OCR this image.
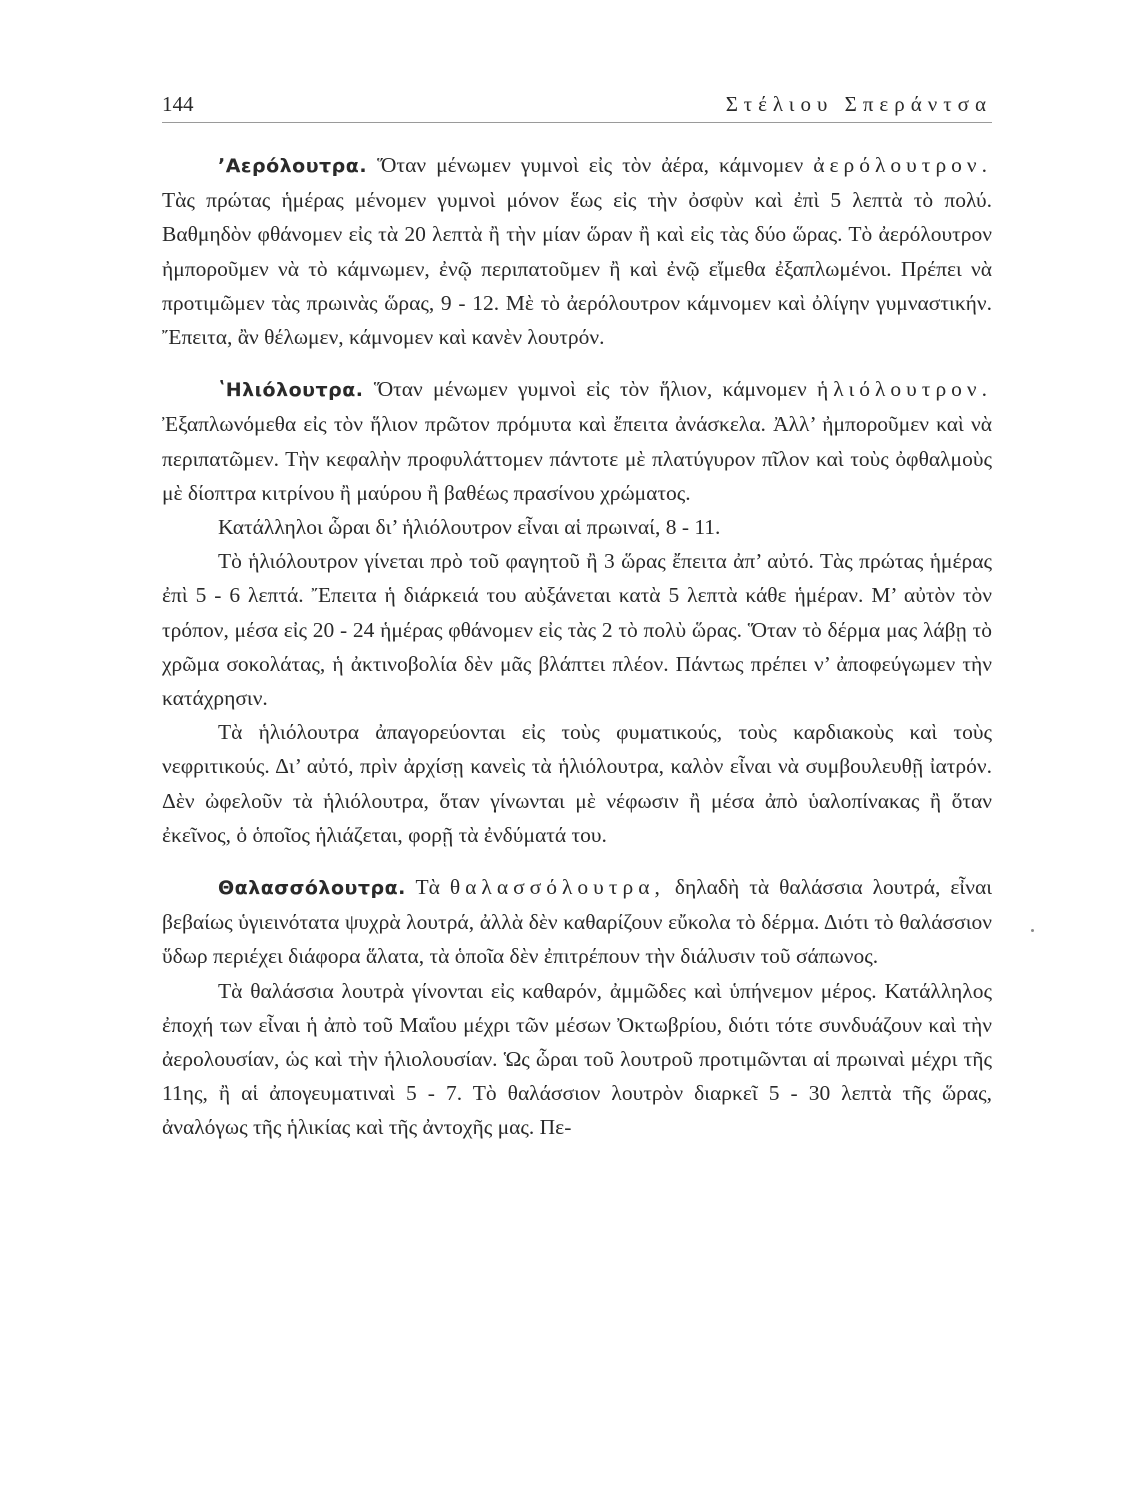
144	Στέλιου Σπεράντσα

ʼΑερόλουτρα. Ὅταν μένωμεν γυμνοὶ εἰς τὸν ἀέρα, κάμνομεν ἀερόλουτρον. Τὰς πρώτας ἡμέρας μένομεν γυμνοὶ μόνον ἕως εἰς τὴν ὀσφὺν καὶ ἐπὶ 5 λεπτὰ τὸ πολύ. Βαθμηδὸν φθάνομεν εἰς τὰ 20 λεπτὰ ἢ τὴν μίαν ὥραν ἢ καὶ εἰς τὰς δύο ὥρας. Τὸ ἀερόλουτρον ἠμποροῦμεν νὰ τὸ κάμνωμεν, ἐνῷ περιπατοῦμεν ἢ καὶ ἐνῷ εἴμεθα ἐξαπλωμένοι. Πρέπει νὰ προτιμῶμεν τὰς πρωινὰς ὥρας, 9 - 12. Μὲ τὸ ἀερόλουτρον κάμνομεν καὶ ὀλίγην γυμναστικήν. Ἔπειτα, ἂν θέλωμεν, κάμνομεν καὶ κανὲν λουτρόν.

ʽΗλιόλουτρα. Ὅταν μένωμεν γυμνοὶ εἰς τὸν ἥλιον, κάμνομεν ἡλιόλουτρον. Ἐξαπλωνόμεθα εἰς τὸν ἥλιον πρῶτον πρόμυτα καὶ ἔπειτα ἀνάσκελα. Ἀλλ’ ἠμποροῦμεν καὶ νὰ περιπατῶμεν. Τὴν κεφαλὴν προφυλάττομεν πάντοτε μὲ πλατύγυρον πῖλον καὶ τοὺς ὀφθαλμοὺς μὲ δίοπτρα κιτρίνου ἢ μαύρου ἢ βαθέως πρασίνου χρώματος.

Κατάλληλοι ὧραι δι’ ἡλιόλουτρον εἶναι αἱ πρωιναί, 8 - 11.

Τὸ ἡλιόλουτρον γίνεται πρὸ τοῦ φαγητοῦ ἢ 3 ὥρας ἔπειτα ἀπ’ αὐτό. Τὰς πρώτας ἡμέρας ἐπὶ 5 - 6 λεπτά. Ἔπειτα ἡ διάρκειά του αὐξάνεται κατὰ 5 λεπτὰ κάθε ἡμέραν. Μ’ αὐτὸν τὸν τρόπον, μέσα εἰς 20 - 24 ἡμέρας φθάνομεν εἰς τὰς 2 τὸ πολὺ ὥρας. Ὅταν τὸ δέρμα μας λάβῃ τὸ χρῶμα σοκολάτας, ἡ ἀκτινοβολία δὲν μᾶς βλάπτει πλέον. Πάντως πρέπει ν’ ἀποφεύγωμεν τὴν κατάχρησιν.

Τὰ ἡλιόλουτρα ἀπαγορεύονται εἰς τοὺς φυματικούς, τοὺς καρδιακοὺς καὶ τοὺς νεφριτικούς. Δι’ αὐτό, πρὶν ἀρχίσῃ κανεὶς τὰ ἡλιόλουτρα, καλὸν εἶναι νὰ συμβουλευθῇ ἰατρόν. Δὲν ὠφελοῦν τὰ ἡλιόλουτρα, ὅταν γίνωνται μὲ νέφωσιν ἢ μέσα ἀπὸ ὑαλοπίνακας ἢ ὅταν ἐκεῖνος, ὁ ὁποῖος ἡλιάζεται, φορῇ τὰ ἐνδύματά του.

Θαλασσόλουτρα. Τὰ θαλασσόλουτρα, δηλαδὴ τὰ θαλάσσια λουτρά, εἶναι βεβαίως ὑγιεινότατα ψυχρὰ λουτρά, ἀλλὰ δὲν καθαρίζουν εὔκολα τὸ δέρμα. Διότι τὸ θαλάσσιον ὕδωρ περιέχει διάφορα ἅλατα, τὰ ὁποῖα δὲν ἐπιτρέπουν τὴν διάλυσιν τοῦ σάπωνος.

Τὰ θαλάσσια λουτρὰ γίνονται εἰς καθαρόν, ἀμμῶδες καὶ ὑπήνεμον μέρος. Κατάλληλος ἐποχή των εἶναι ἡ ἀπὸ τοῦ Μαΐου μέχρι τῶν μέσων Ὀκτωβρίου, διότι τότε συνδυάζουν καὶ τὴν ἀερολουσίαν, ὡς καὶ τὴν ἡλιολουσίαν. Ὡς ὧραι τοῦ λουτροῦ προτιμῶνται αἱ πρωιναὶ μέχρι τῆς 11ης, ἢ αἱ ἀπογευματιναὶ 5 - 7. Τὸ θαλάσσιον λουτρὸν διαρκεῖ 5 - 30 λεπτὰ τῆς ὥρας, ἀναλόγως τῆς ἡλικίας καὶ τῆς ἀντοχῆς μας. Πε-
